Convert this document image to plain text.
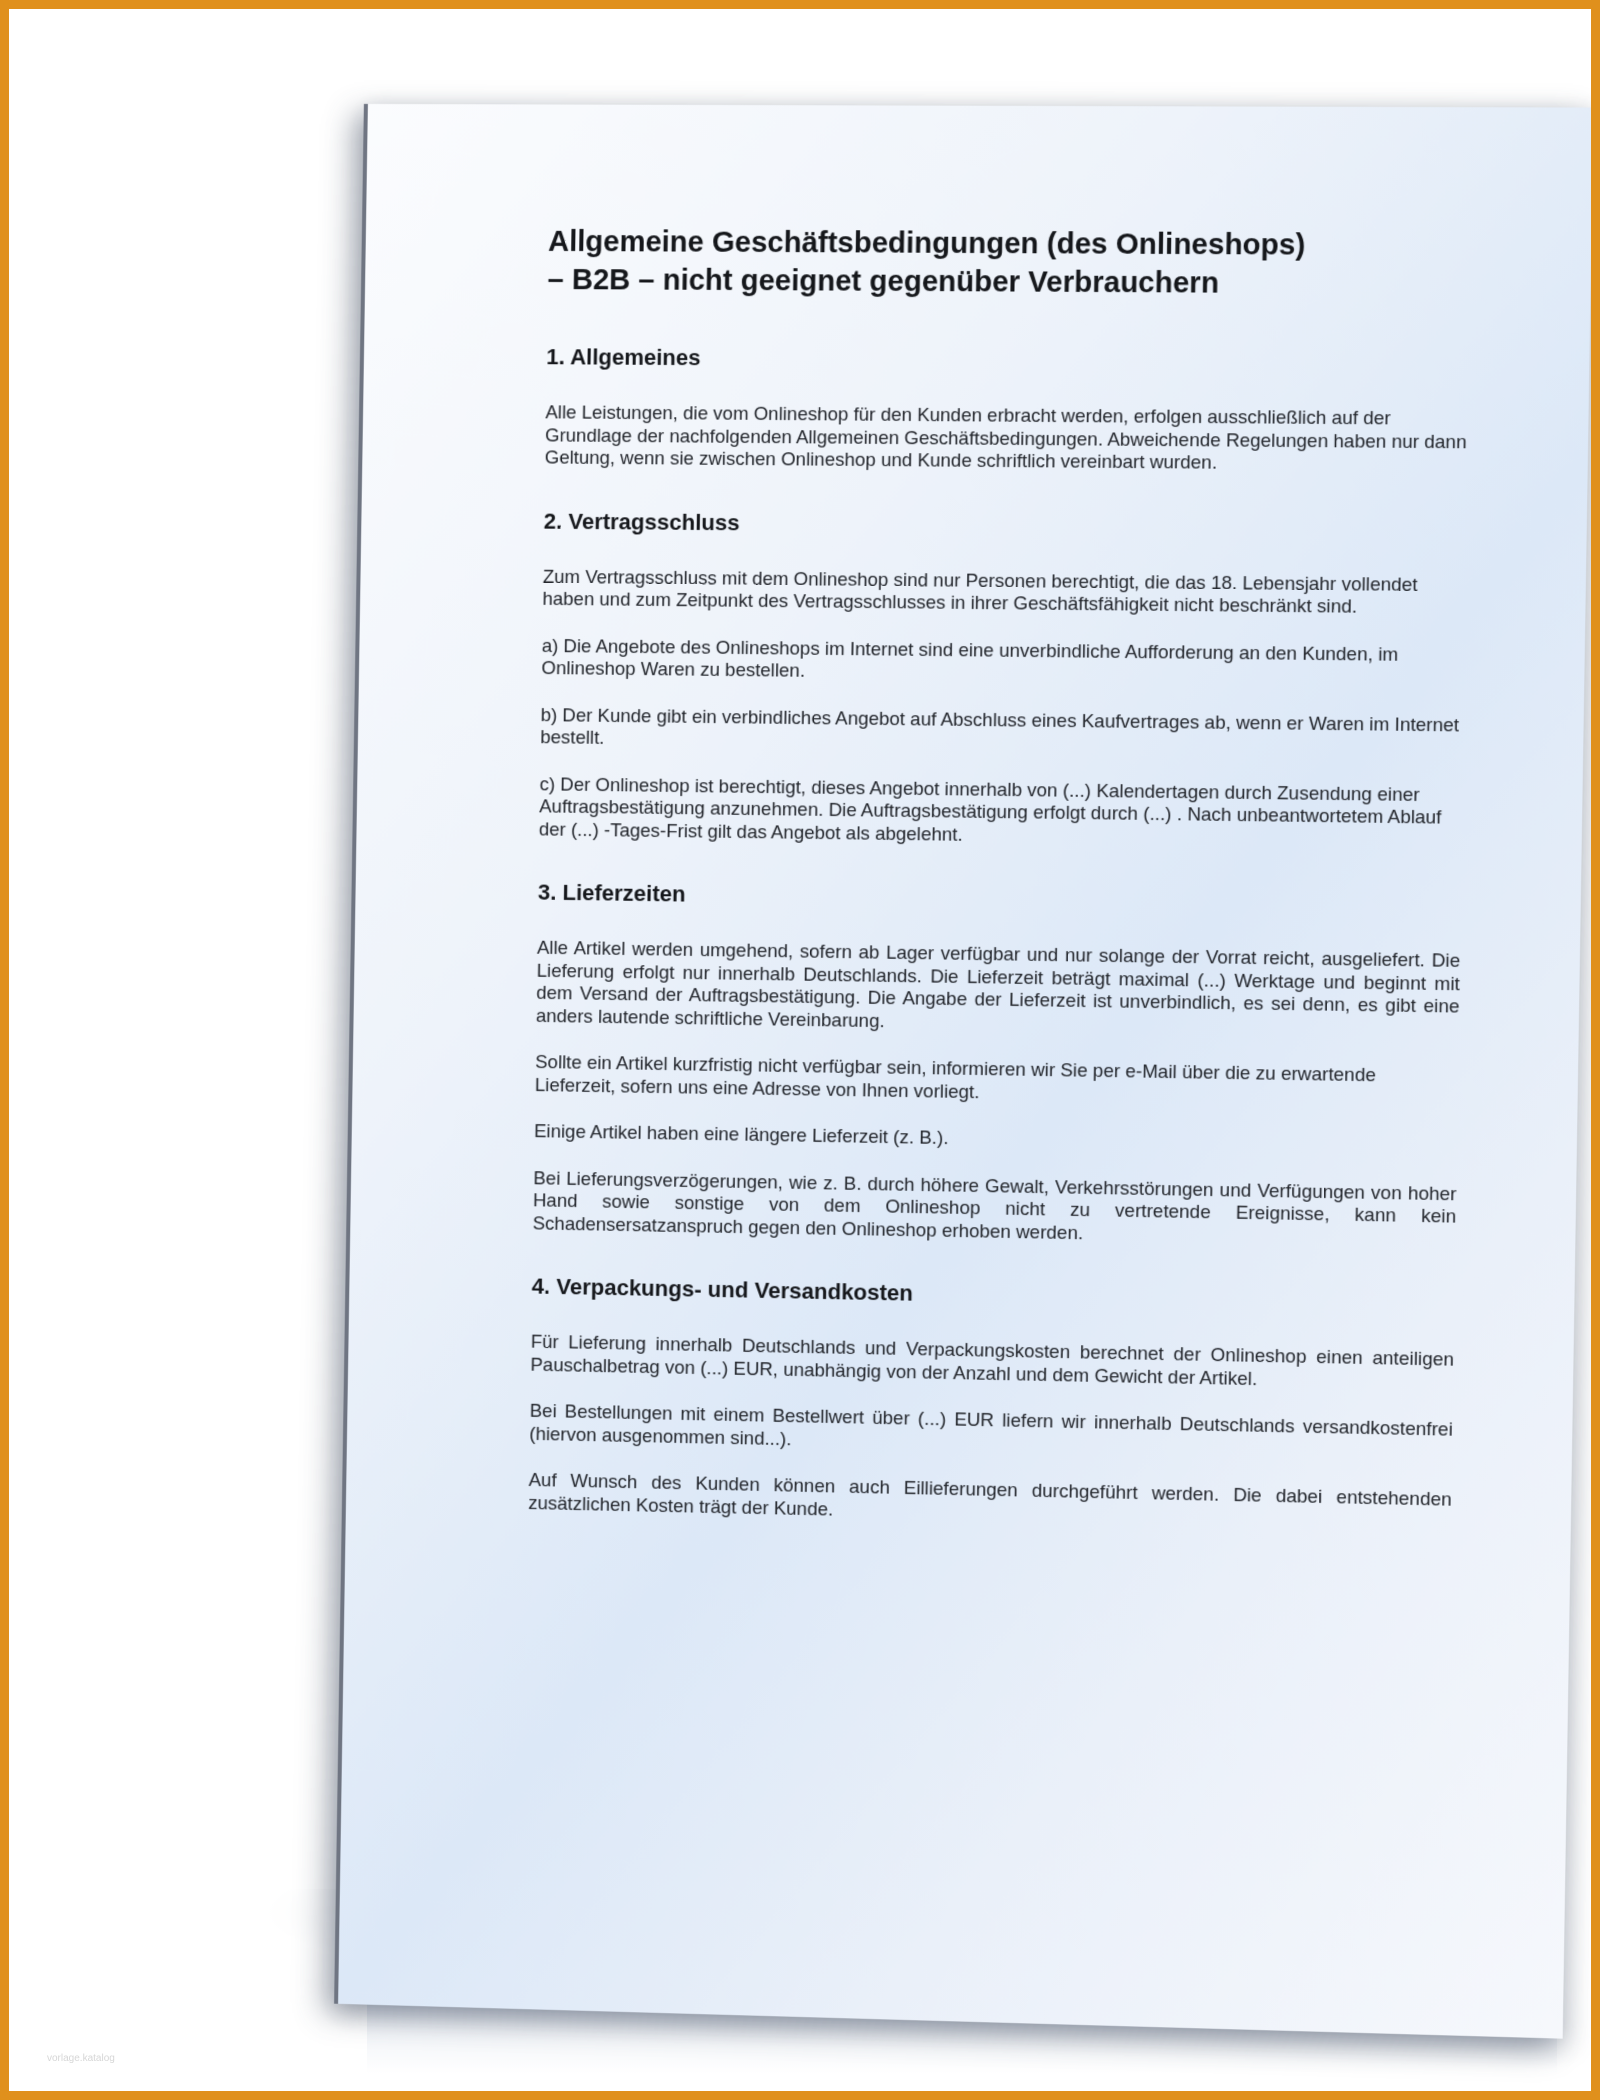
Allgemeine Geschäftsbedingungen (des Onlineshops)
– B2B – nicht geeignet gegenüber Verbrauchern
1. Allgemeines

Alle Leistungen, die vom Onlineshop für den Kunden erbracht werden, erfolgen ausschließlich auf der Grundlage der nachfolgenden Allgemeinen Geschäftsbedingungen. Abweichende Regelungen haben nur dann Geltung, wenn sie zwischen Onlineshop und Kunde schriftlich vereinbart wurden.

2. Vertragsschluss

Zum Vertragsschluss mit dem Onlineshop sind nur Personen berechtigt, die das 18. Lebensjahr vollendet haben und zum Zeitpunkt des Vertragsschlusses in ihrer Geschäftsfähigkeit nicht beschränkt sind.

a) Die Angebote des Onlineshops im Internet sind eine unverbindliche Aufforderung an den Kunden, im Onlineshop Waren zu bestellen.

b) Der Kunde gibt ein verbindliches Angebot auf Abschluss eines Kaufvertrages ab, wenn er Waren im Internet bestellt.

c) Der Onlineshop ist berechtigt, dieses Angebot innerhalb von (...) Kalendertagen durch Zusendung einer Auftragsbestätigung anzunehmen. Die Auftragsbestätigung erfolgt durch (...) . Nach unbeantwortetem Ablauf der (...) -Tages-Frist gilt das Angebot als abgelehnt.

3. Lieferzeiten

Alle Artikel werden umgehend, sofern ab Lager verfügbar und nur solange der Vorrat reicht, ausgeliefert. Die Lieferung erfolgt nur innerhalb Deutschlands. Die Lieferzeit beträgt maximal (...) Werktage und beginnt mit dem Versand der Auftragsbestätigung. Die Angabe der Lieferzeit ist unverbindlich, es sei denn, es gibt eine anders lautende schriftliche Vereinbarung.

Sollte ein Artikel kurzfristig nicht verfügbar sein, informieren wir Sie per e-Mail über die zu erwartende Lieferzeit, sofern uns eine Adresse von Ihnen vorliegt.

Einige Artikel haben eine längere Lieferzeit (z. B.).

Bei Lieferungsverzögerungen, wie z. B. durch höhere Gewalt, Verkehrsstörungen und Verfügungen von hoher Hand sowie sonstige von dem Onlineshop nicht zu vertretende Ereignisse, kann kein Schadensersatzanspruch gegen den Onlineshop erhoben werden.

4. Verpackungs- und Versandkosten

Für Lieferung innerhalb Deutschlands und Verpackungskosten berechnet der Onlineshop einen anteiligen Pauschalbetrag von (...) EUR, unabhängig von der Anzahl und dem Gewicht der Artikel.

Bei Bestellungen mit einem Bestellwert über (...) EUR liefern wir innerhalb Deutschlands versandkostenfrei (hiervon ausgenommen sind...).

Auf Wunsch des Kunden können auch Eillieferungen durchgeführt werden. Die dabei entstehenden zusätzlichen Kosten trägt der Kunde.

vorlage.katalog
